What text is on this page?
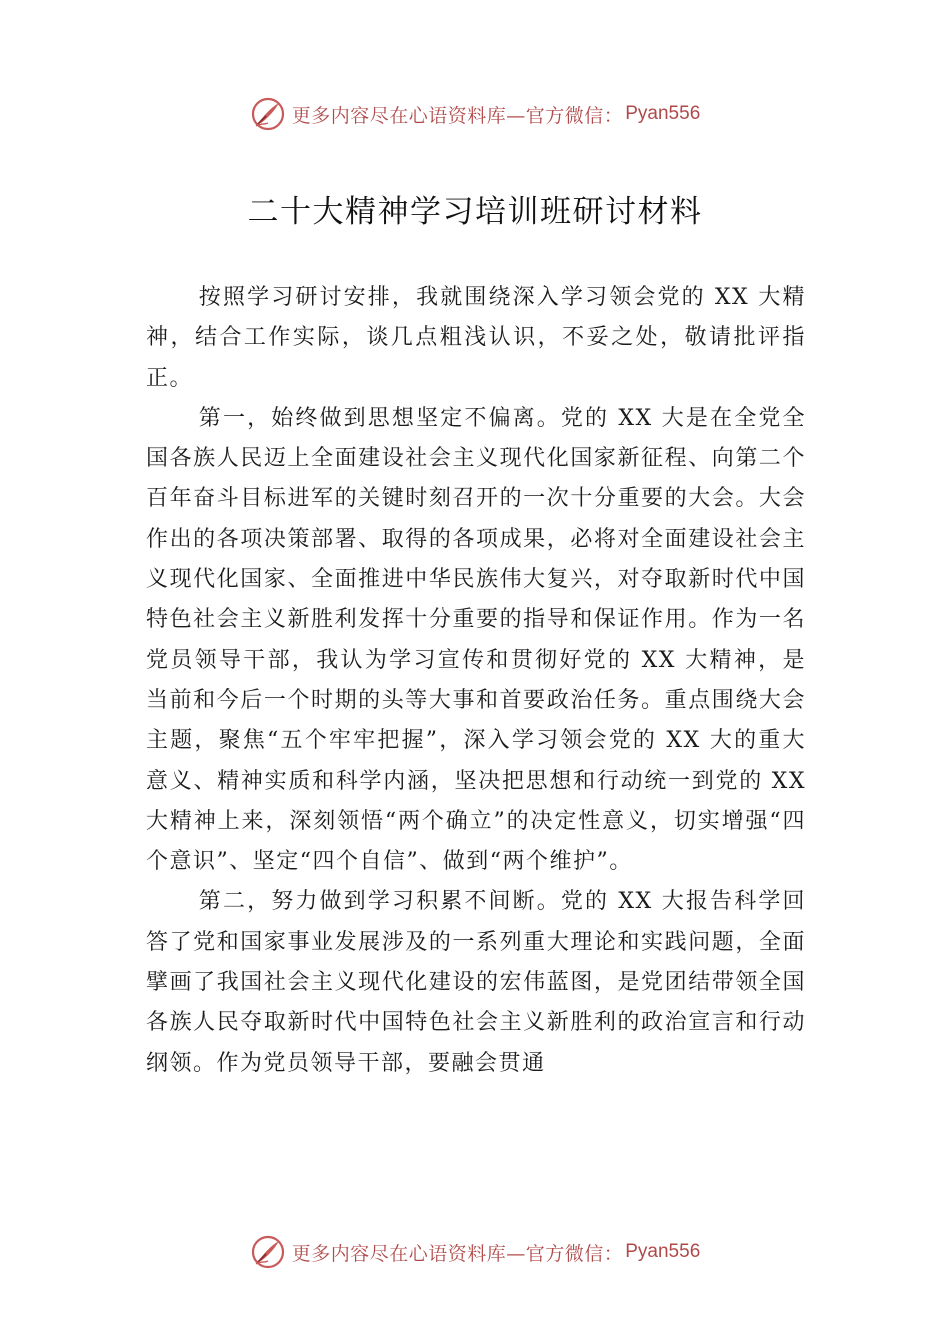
更多内容尽在心语资料库—官方微信： Pyan556
二十大精神学习培训班研讨材料

按照学习研讨安排，我就围绕深入学习领会党的 XX 大精神，结合工作实际，谈几点粗浅认识，不妥之处，敬请批评指正。

第一，始终做到思想坚定不偏离。党的 XX 大是在全党全国各族人民迈上全面建设社会主义现代化国家新征程、向第二个百年奋斗目标进军的关键时刻召开的一次十分重要的大会。大会作出的各项决策部署、取得的各项成果，必将对全面建设社会主义现代化国家、全面推进中华民族伟大复兴，对夺取新时代中国特色社会主义新胜利发挥十分重要的指导和保证作用。作为一名党员领导干部，我认为学习宣传和贯彻好党的 XX 大精神，是当前和今后一个时期的头等大事和首要政治任务。重点围绕大会主题，聚焦“五个牢牢把握”，深入学习领会党的 XX 大的重大意义、精神实质和科学内涵，坚决把思想和行动统一到党的 XX 大精神上来，深刻领悟“两个确立”的决定性意义，切实增强“四个意识”、坚定“四个自信”、做到“两个维护”。

第二，努力做到学习积累不间断。党的 XX 大报告科学回答了党和国家事业发展涉及的一系列重大理论和实践问题，全面擘画了我国社会主义现代化建设的宏伟蓝图，是党团结带领全国各族人民夺取新时代中国特色社会主义新胜利的政治宣言和行动纲领。作为党员领导干部，要融会贯通

更多内容尽在心语资料库—官方微信： Pyan556
